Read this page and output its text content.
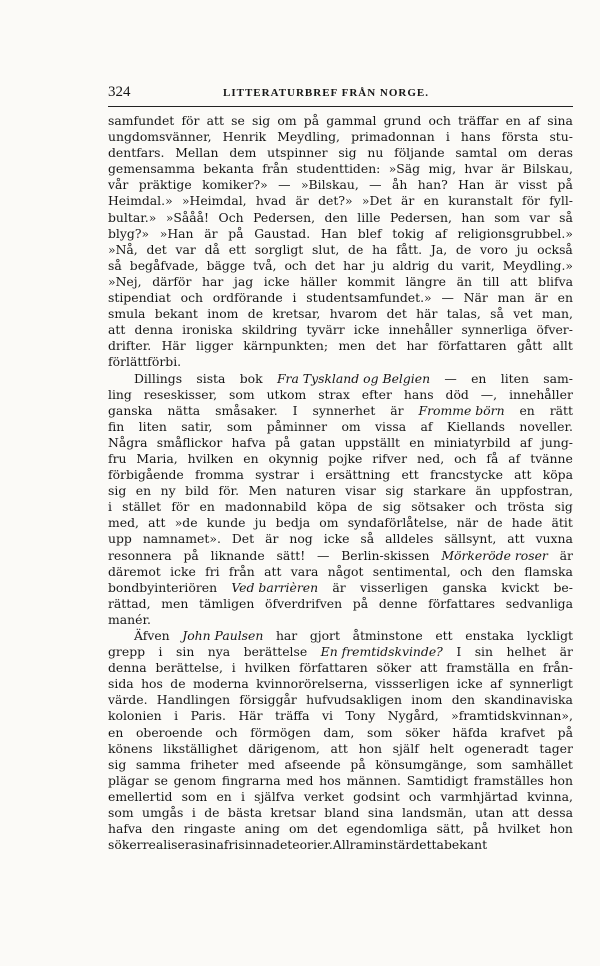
324	LITTERATURBREF FRÅN NORGE.
samfundet för att se sig om på gammal grund och träffar en af sina
ungdomsvänner, Henrik Meydling, primadonnan i hans första stu-
dentfars. Mellan dem utspinner sig nu följande samtal om deras
gemensamma bekanta från studenttiden: »Säg mig, hvar är Bilskau,
vår präktige komiker?» — »Bilskau, — åh han? Han är visst på
Heimdal.» »Heimdal, hvad är det?» »Det är en kuranstalt för fyll-
bultar.» »Sååå! Och Pedersen, den lille Pedersen, han som var så
blyg?» »Han är på Gaustad. Han blef tokig af religionsgrubbel.»
»Nå, det var då ett sorgligt slut, de ha fått. Ja, de voro ju också
så begåfvade, bägge två, och det har ju aldrig du varit, Meydling.»
»Nej, därför har jag icke häller kommit längre än till att blifva
stipendiat och ordförande i studentsamfundet.» — När man är en
smula bekant inom de kretsar, hvarom det här talas, så vet man,
att denna ironiska skildring tyvärr icke innehåller synnerliga öfver-
drifter. Här ligger kärnpunkten; men det har författaren gått allt
för lätt förbi.
Dillings sista bok Fra Tyskland og Belgien — en liten sam-
ling reseskisser, som utkom strax efter hans död —, innehåller
ganska nätta småsaker. I synnerhet är Fromme börn en rätt
fin liten satir, som påminner om vissa af Kiellands noveller.
Några småflickor hafva på gatan uppställt en miniatyrbild af jung-
fru Maria, hvilken en okynnig pojke rifver ned, och få af tvänne
förbigående fromma systrar i ersättning ett francstycke att köpa
sig en ny bild för. Men naturen visar sig starkare än uppfostran,
i stället för en madonnabild köpa de sig sötsaker och trösta sig
med, att »de kunde ju bedja om syndaförlåtelse, när de hade ätit
upp namnamet». Det är nog icke så alldeles sällsynt, att vuxna
resonnera på liknande sätt! — Berlin-skissen Mörkeröde roser är
däremot icke fri från att vara något sentimental, och den flamska
bondbyinteriören Ved barrièren är visserligen ganska kvickt be-
rättad, men tämligen öfverdrifven på denne författares sedvanliga
manér.
Äfven John Paulsen har gjort åtminstone ett enstaka lyckligt
grepp i sin nya berättelse En fremtidskvinde? I sin helhet är
denna berättelse, i hvilken författaren söker att framställa en från-
sida hos de moderna kvinnorörelserna, vissserligen icke af synnerligt
värde. Handlingen försiggår hufvudsakligen inom den skandinaviska
kolonien i Paris. Här träffa vi Tony Nygård, »framtidskvinnan»,
en oberoende och förmögen dam, som söker häfda krafvet på
könens likställighet därigenom, att hon själf helt ogeneradt tager
sig samma friheter med afseende på könsumgänge, som samhället
plägar se genom fingrarna med hos männen. Samtidigt framställes hon
emellertid som en i själfva verket godsint och varmhjärtad kvinna,
som umgås i de bästa kretsar bland sina landsmän, utan att dessa
hafva den ringaste aning om det egendomliga sätt, på hvilket hon
söker realisera sina frisinnade teorier. Allraminst är detta bekant
